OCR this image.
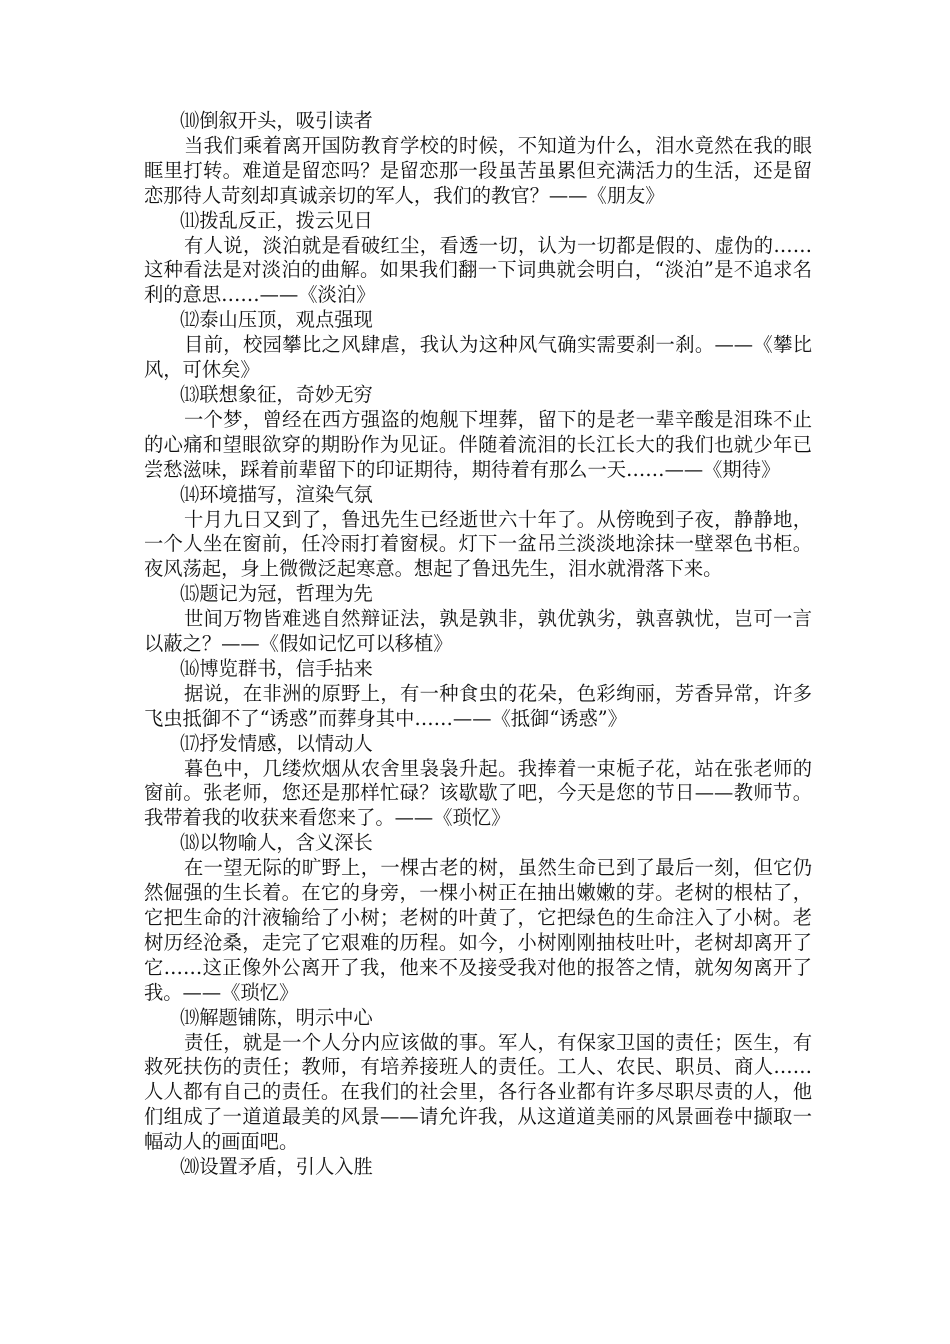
⑽倒叙开头，吸引读者

当我们乘着离开国防教育学校的时候，不知道为什么，泪水竟然在我的眼眶里打转。难道是留恋吗？是留恋那一段虽苦虽累但充满活力的生活，还是留恋那待人苛刻却真诚亲切的军人，我们的教官？——《朋友》

⑾拨乱反正，拨云见日

有人说，淡泊就是看破红尘，看透一切，认为一切都是假的、虚伪的……这种看法是对淡泊的曲解。如果我们翻一下词典就会明白，“淡泊”是不追求名利的意思……——《淡泊》

⑿泰山压顶，观点强现

目前，校园攀比之风肆虐，我认为这种风气确实需要刹一刹。——《攀比风，可休矣》

⒀联想象征，奇妙无穷

一个梦，曾经在西方强盗的炮舰下埋葬，留下的是老一辈辛酸是泪珠不止的心痛和望眼欲穿的期盼作为见证。伴随着流泪的长江长大的我们也就少年已尝愁滋味，踩着前辈留下的印证期待，期待着有那么一天……——《期待》

⒁环境描写，渲染气氛

十月九日又到了，鲁迅先生已经逝世六十年了。从傍晚到子夜，静静地，一个人坐在窗前，任冷雨打着窗棂。灯下一盆吊兰淡淡地涂抹一壁翠色书柜。夜风荡起，身上微微泛起寒意。想起了鲁迅先生，泪水就滑落下来。

⒂题记为冠，哲理为先

世间万物皆难逃自然辩证法，孰是孰非，孰优孰劣，孰喜孰忧，岂可一言以蔽之？——《假如记忆可以移植》

⒃博览群书，信手拈来

据说，在非洲的原野上，有一种食虫的花朵，色彩绚丽，芳香异常，许多飞虫抵御不了“诱惑”而葬身其中……——《抵御“诱惑”》

⒄抒发情感，以情动人

暮色中，几缕炊烟从农舍里袅袅升起。我捧着一束栀子花，站在张老师的窗前。张老师，您还是那样忙碌？该歇歇了吧，今天是您的节日——教师节。我带着我的收获来看您来了。——《琐忆》

⒅以物喻人，含义深长

在一望无际的旷野上，一棵古老的树，虽然生命已到了最后一刻，但它仍然倔强的生长着。在它的身旁，一棵小树正在抽出嫩嫩的芽。老树的根枯了，它把生命的汁液输给了小树；老树的叶黄了，它把绿色的生命注入了小树。老树历经沧桑，走完了它艰难的历程。如今，小树刚刚抽枝吐叶，老树却离开了它……这正像外公离开了我，他来不及接受我对他的报答之情，就匆匆离开了我。——《琐忆》

⒆解题铺陈，明示中心

责任，就是一个人分内应该做的事。军人，有保家卫国的责任；医生，有救死扶伤的责任；教师，有培养接班人的责任。工人、农民、职员、商人……人人都有自己的责任。在我们的社会里，各行各业都有许多尽职尽责的人，他们组成了一道道最美的风景——请允许我，从这道道美丽的风景画卷中撷取一幅动人的画面吧。

⒇设置矛盾，引人入胜
